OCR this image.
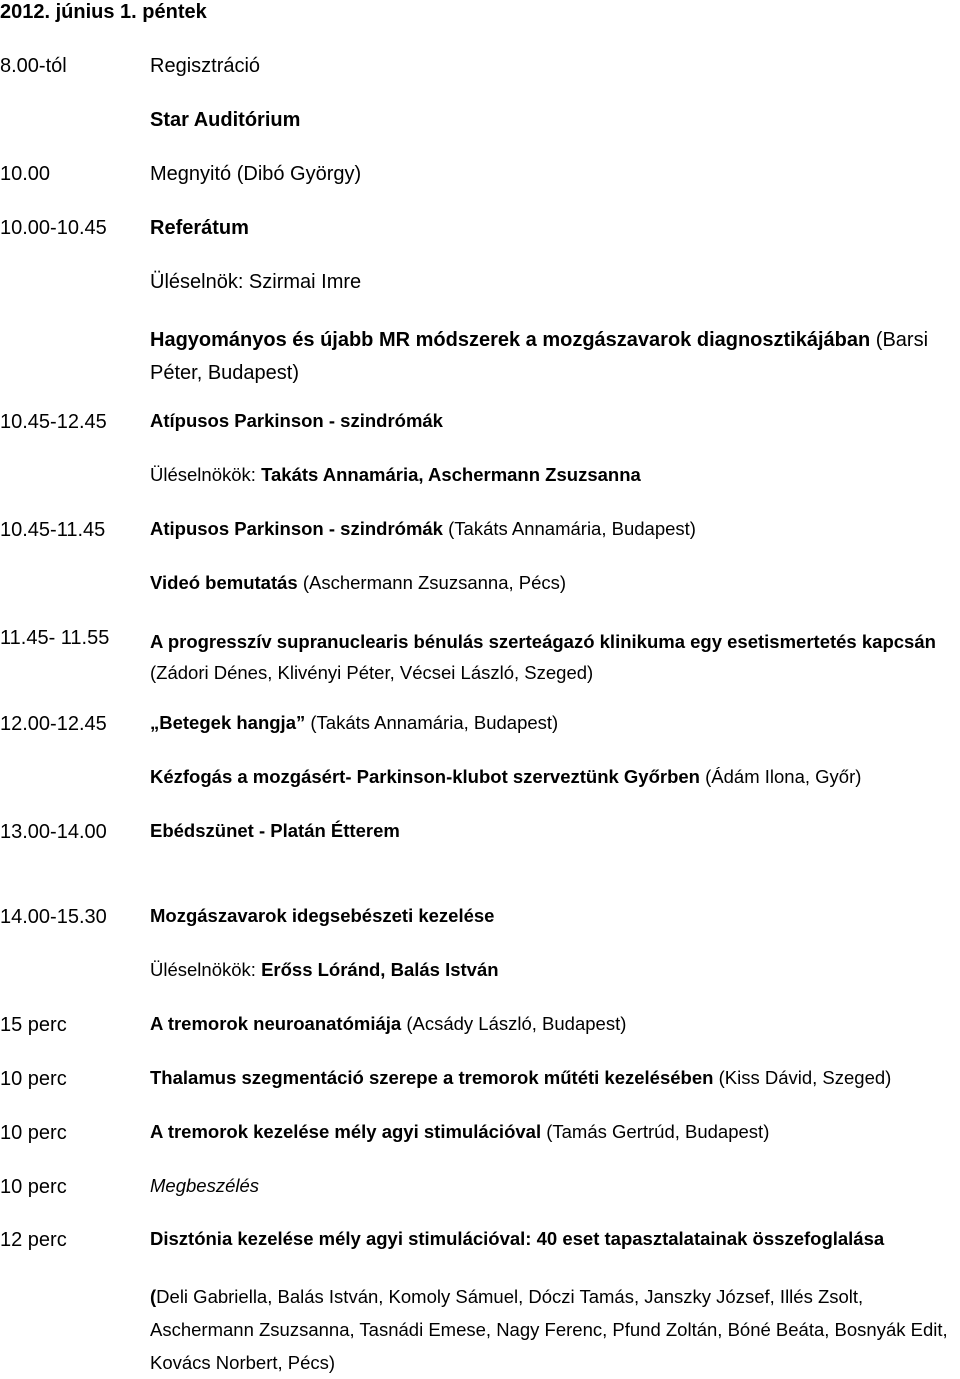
2012. június 1. péntek
8.00-tól	Regisztráció
Star Auditórium
10.00	Megnyitó (Dibó György)
10.00-10.45 Referátum
Üléselnök: Szirmai Imre
Hagyományos és újabb MR módszerek a mozgászavarok diagnosztikájában (Barsi Péter, Budapest)
10.45-12.45 Atípusos Parkinson - szindrómák
Üléselnökök: Takáts Annamária, Aschermann Zsuzsanna
10.45-11.45 Atipusos Parkinson - szindrómák (Takáts Annamária, Budapest)
Videó bemutatás (Aschermann Zsuzsanna, Pécs)
11.45- 11.55 A progresszív supranuclearis bénulás szerteágazó klinikuma egy esetismertetés kapcsán (Zádori Dénes, Klivényi Péter, Vécsei László, Szeged)
12.00-12.45 „Betegek hangja” (Takáts Annamária, Budapest)
Kézfogás a mozgásért- Parkinson-klubot szerveztünk Győrben (Ádám Ilona, Győr)
13.00-14.00 Ebédszünet - Platán Étterem
14.00-15.30 Mozgászavarok idegsebészeti kezelése
Üléselnökök: Erőss Lóránd, Balás István
15 perc	A tremorok neuroanatómiája (Acsády László, Budapest)
10 perc	Thalamus szegmentáció szerepe a tremorok műtéti kezelésében (Kiss Dávid, Szeged)
10 perc	A tremorok kezelése mély agyi stimulációval (Tamás Gertrúd, Budapest)
10 perc	Megbeszélés
12 perc	Disztónia kezelése mély agyi stimulációval: 40 eset tapasztalatainak összefoglalása
(Deli Gabriella, Balás István, Komoly Sámuel, Dóczi Tamás, Janszky József, Illés Zsolt, Aschermann Zsuzsanna, Tasnádi Emese, Nagy Ferenc, Pfund Zoltán, Bóné Beáta, Bosnyák Edit, Kovács Norbert, Pécs)
